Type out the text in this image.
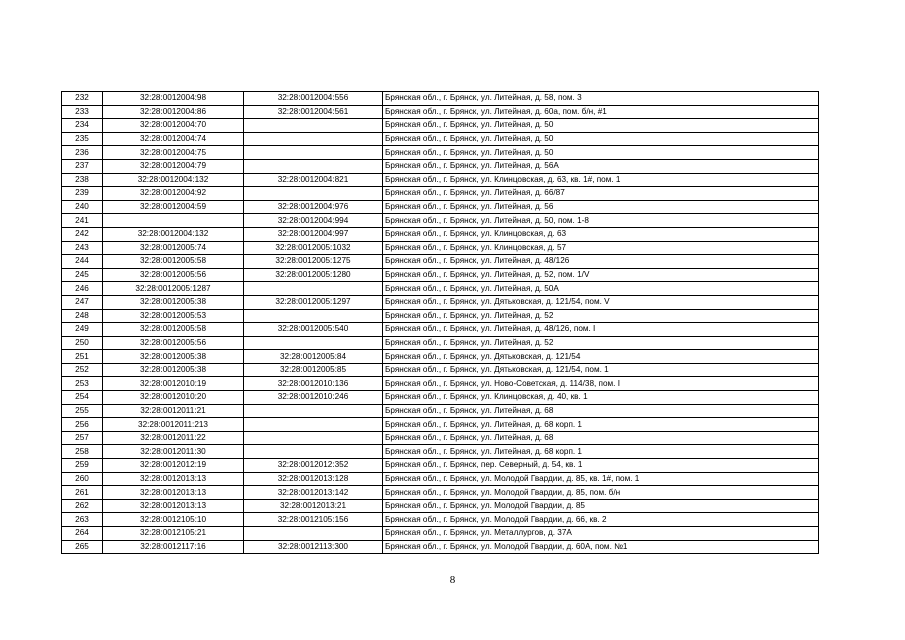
232	32:28:0012004:98	32:28:0012004:556	Брянская обл., г. Брянск, ул. Литейная, д. 58, пом. 3
233	32:28:0012004:86	32:28:0012004:561	Брянская обл., г. Брянск, ул. Литейная, д. 60а, пом. б/н, #1
234	32:28:0012004:70		Брянская обл., г. Брянск, ул. Литейная, д. 50
235	32:28:0012004:74		Брянская обл., г. Брянск, ул. Литейная, д. 50
236	32:28:0012004:75		Брянская обл., г. Брянск, ул. Литейная, д. 50
237	32:28:0012004:79		Брянская обл., г. Брянск, ул. Литейная, д. 56А
238	32:28:0012004:132	32:28:0012004:821	Брянская обл., г. Брянск, ул. Клинцовская, д. 63, кв. 1#, пом. 1
239	32:28:0012004:92		Брянская обл., г. Брянск, ул. Литейная, д. 66/87
240	32:28:0012004:59	32:28:0012004:976	Брянская обл., г. Брянск, ул. Литейная, д. 56
241		32:28:0012004:994	Брянская обл., г. Брянск, ул. Литейная, д. 50, пом. 1-8
242	32:28:0012004:132	32:28:0012004:997	Брянская обл., г. Брянск, ул. Клинцовская, д. 63
243	32:28:0012005:74	32:28:0012005:1032	Брянская обл., г. Брянск, ул. Клинцовская, д. 57
244	32:28:0012005:58	32:28:0012005:1275	Брянская обл., г. Брянск, ул. Литейная, д. 48/126
245	32:28:0012005:56	32:28:0012005:1280	Брянская обл., г. Брянск, ул. Литейная, д. 52, пом. 1/V
246	32:28:0012005:1287		Брянская обл., г. Брянск, ул. Литейная, д. 50А
247	32:28:0012005:38	32:28:0012005:1297	Брянская обл., г. Брянск, ул. Дятьковская, д. 121/54, пом. V
248	32:28:0012005:53		Брянская обл., г. Брянск, ул. Литейная, д. 52
249	32:28:0012005:58	32:28:0012005:540	Брянская обл., г. Брянск, ул. Литейная, д. 48/126, пом. I
250	32:28:0012005:56		Брянская обл., г. Брянск, ул. Литейная, д. 52
251	32:28:0012005:38	32:28:0012005:84	Брянская обл., г. Брянск, ул. Дятьковская, д. 121/54
252	32:28:0012005:38	32:28:0012005:85	Брянская обл., г. Брянск, ул. Дятьковская, д. 121/54, пом. 1
253	32:28:0012010:19	32:28:0012010:136	Брянская обл., г. Брянск, ул. Ново-Советская, д. 114/38, пом. I
254	32:28:0012010:20	32:28:0012010:246	Брянская обл., г. Брянск, ул. Клинцовская, д. 40, кв. 1
255	32:28:0012011:21		Брянская обл., г. Брянск, ул. Литейная, д. 68
256	32:28:0012011:213		Брянская обл., г. Брянск, ул. Литейная, д. 68 корп. 1
257	32:28:0012011:22		Брянская обл., г. Брянск, ул. Литейная, д. 68
258	32:28:0012011:30		Брянская обл., г. Брянск, ул. Литейная, д. 68 корп. 1
259	32:28:0012012:19	32:28:0012012:352	Брянская обл., г. Брянск, пер. Северный, д. 54, кв. 1
260	32:28:0012013:13	32:28:0012013:128	Брянская обл., г. Брянск, ул. Молодой Гвардии, д. 85, кв. 1#, пом. 1
261	32:28:0012013:13	32:28:0012013:142	Брянская обл., г. Брянск, ул. Молодой Гвардии, д. 85, пом. б/н
262	32:28:0012013:13	32:28:0012013:21	Брянская обл., г. Брянск, ул. Молодой Гвардии, д. 85
263	32:28:0012105:10	32:28:0012105:156	Брянская обл., г. Брянск, ул. Молодой Гвардии, д. 66, кв. 2
264	32:28:0012105:21		Брянская обл., г. Брянск, ул. Металлургов, д. 37А
265	32:28:0012117:16	32:28:0012113:300	Брянская обл., г. Брянск, ул. Молодой Гвардии, д. 60А, пом. №1
8
